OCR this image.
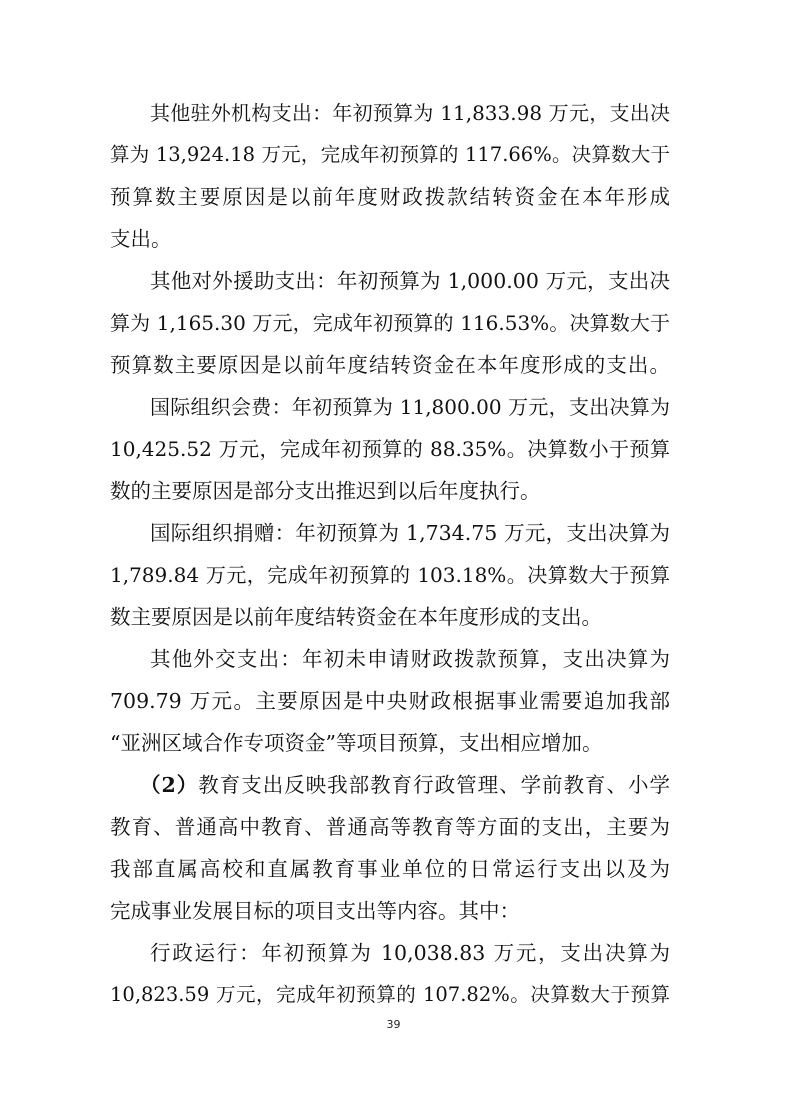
其他驻外机构支出：年初预算为 11,833.98 万元，支出决
算为 13,924.18 万元，完成年初预算的 117.66%。决算数大于
预算数主要原因是以前年度财政拨款结转资金在本年形成
支出。
其他对外援助支出：年初预算为 1,000.00 万元，支出决
算为 1,165.30 万元，完成年初预算的 116.53%。决算数大于
预算数主要原因是以前年度结转资金在本年度形成的支出。
国际组织会费：年初预算为 11,800.00 万元，支出决算为
10,425.52 万元，完成年初预算的 88.35%。决算数小于预算
数的主要原因是部分支出推迟到以后年度执行。
国际组织捐赠：年初预算为 1,734.75 万元，支出决算为
1,789.84 万元，完成年初预算的 103.18%。决算数大于预算
数主要原因是以前年度结转资金在本年度形成的支出。
其他外交支出：年初未申请财政拨款预算，支出决算为
709.79 万元。主要原因是中央财政根据事业需要追加我部
“亚洲区域合作专项资金”等项目预算，支出相应增加。
（2）教育支出反映我部教育行政管理、学前教育、小学
教育、普通高中教育、普通高等教育等方面的支出，主要为
我部直属高校和直属教育事业单位的日常运行支出以及为
完成事业发展目标的项目支出等内容。其中：
行政运行：年初预算为 10,038.83 万元，支出决算为
10,823.59 万元，完成年初预算的 107.82%。决算数大于预算
39
